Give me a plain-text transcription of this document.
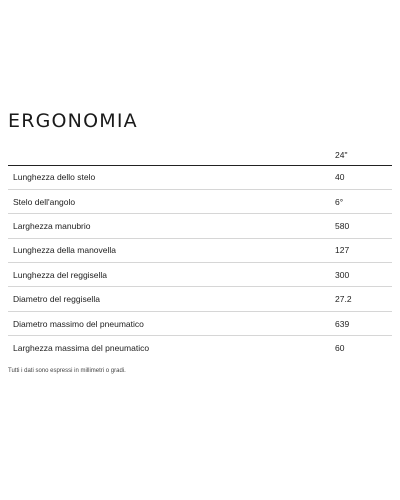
ERGONOMIA
	24"
Lunghezza dello stelo	40
Stelo dell'angolo	6°
Larghezza manubrio	580
Lunghezza della manovella	127
Lunghezza del reggisella	300
Diametro del reggisella	27.2
Diametro massimo del pneumatico	639
Larghezza massima del pneumatico	60

Tutti i dati sono espressi in millimetri o gradi.
